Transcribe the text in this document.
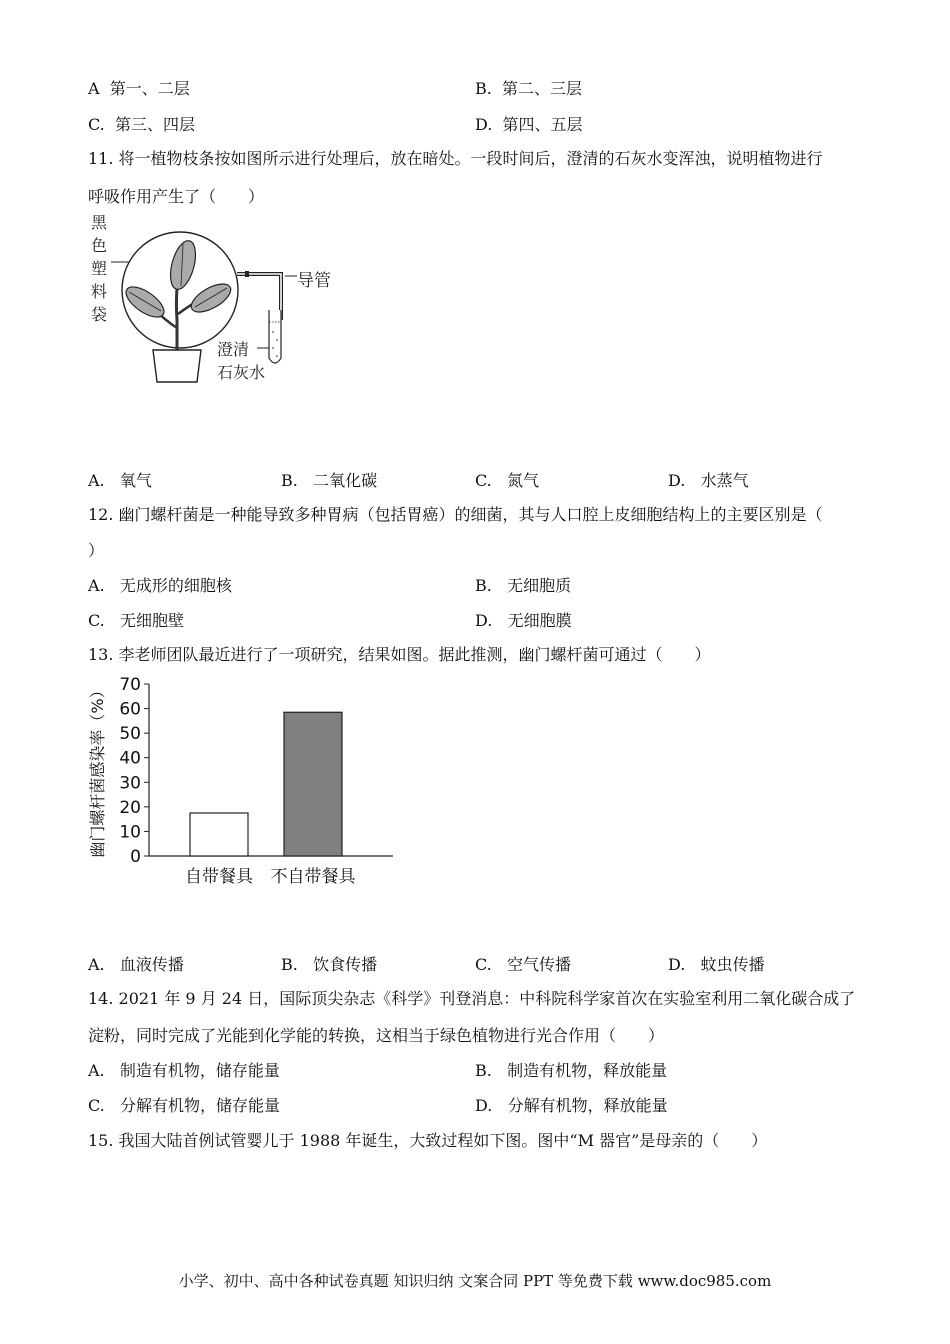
A 第一、二层	B. 第二、三层
C. 第三、四层	D. 第四、五层
11. 将一植物枝条按如图所示进行处理后，放在暗处。一段时间后，澄清的石灰水变浑浊，说明植物进行
呼吸作用产生了（　　）
黑
色
塑
料
袋
导管
澄清
石灰水
A. 氧气	B. 二氧化碳	C. 氮气	D. 水蒸气
12. 幽门螺杆菌是一种能导致多种胃病（包括胃癌）的细菌，其与人口腔上皮细胞结构上的主要区别是（
）
A. 无成形的细胞核	B. 无细胞质
C. 无细胞壁	D. 无细胞膜
13. 李老师团队最近进行了一项研究，结果如图。据此推测，幽门螺杆菌可通过（　　）
幽门螺杆菌感染率（%） 0
10
20
30
40
50
60
70
自带餐具 不自带餐具
A. 血液传播	B. 饮食传播	C. 空气传播	D. 蚊虫传播
14. 2021 年 9 月 24 日，国际顶尖杂志《科学》刊登消息：中科院科学家首次在实验室利用二氧化碳合成了
淀粉，同时完成了光能到化学能的转换，这相当于绿色植物进行光合作用（　　）
A. 制造有机物，储存能量	B. 制造有机物，释放能量
C. 分解有机物，储存能量	D. 分解有机物，释放能量
15. 我国大陆首例试管婴儿于 1988 年诞生，大致过程如下图。图中“M 器官”是母亲的（　　）
小学、初中、高中各种试卷真题 知识归纳 文案合同 PPT 等免费下载 www.doc985.com
